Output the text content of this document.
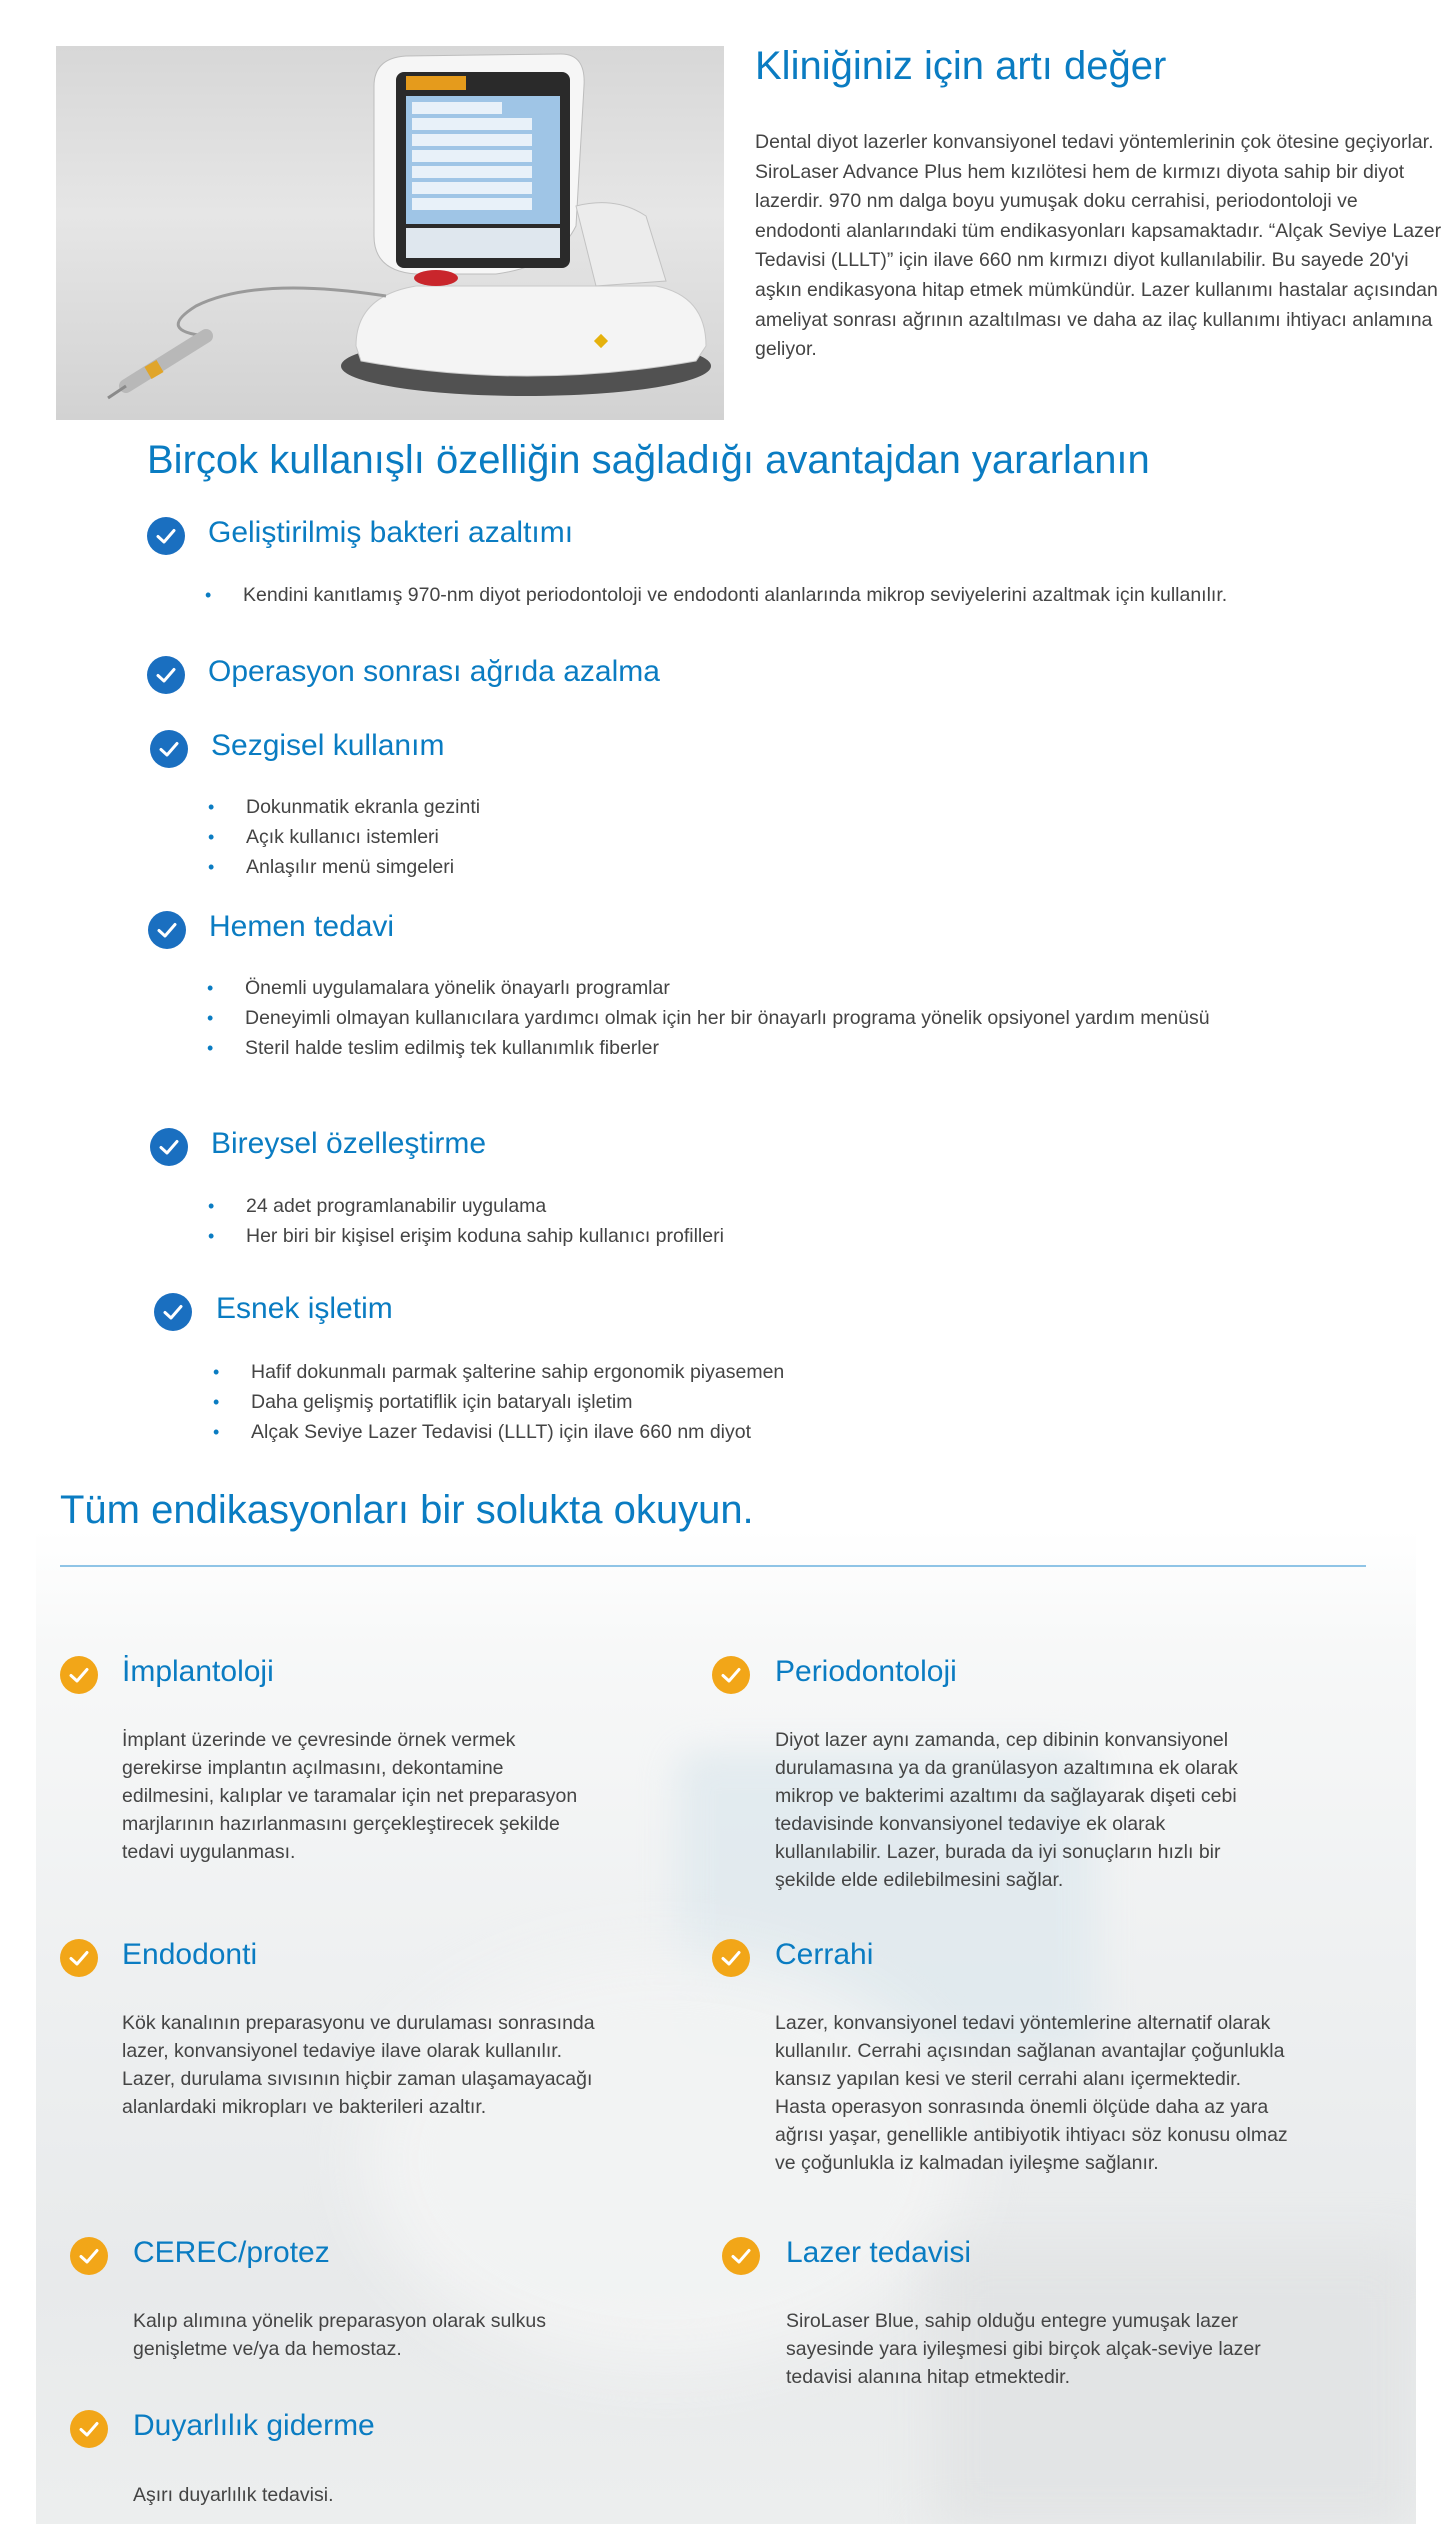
Kliniğiniz için artı değer

Dental diyot lazerler konvansiyonel tedavi yöntemlerinin çok ötesine geçiyorlar. SiroLaser Advance Plus hem kızılötesi hem de kırmızı diyota sahip bir diyot lazerdir. 970 nm dalga boyu yumuşak doku cerrahisi, periodontoloji ve endodonti alanlarındaki tüm endikasyonları kapsamaktadır. “Alçak Seviye Lazer Tedavisi (LLLT)” için ilave 660 nm kırmızı diyot kullanılabilir. Bu sayede 20'yi aşkın endikasyona hitap etmek mümkündür. Lazer kullanımı hastalar açısından ameliyat sonrası ağrının azaltılması ve daha az ilaç kullanımı ihtiyacı anlamına geliyor.

Birçok kullanışlı özelliğin sağladığı avantajdan yararlanın
Geliştirilmiş bakteri azaltımı
• Kendini kanıtlamış 970-nm diyot periodontoloji ve endodonti alanlarında mikrop seviyelerini azaltmak için kullanılır.
Operasyon sonrası ağrıda azalma
Sezgisel kullanım
• Dokunmatik ekranla gezinti
• Açık kullanıcı istemleri
• Anlaşılır menü simgeleri
Hemen tedavi
• Önemli uygulamalara yönelik önayarlı programlar
• Deneyimli olmayan kullanıcılara yardımcı olmak için her bir önayarlı programa yönelik opsiyonel yardım menüsü
• Steril halde teslim edilmiş tek kullanımlık fiberler
Bireysel özelleştirme
• 24 adet programlanabilir uygulama
• Her biri bir kişisel erişim koduna sahip kullanıcı profilleri
Esnek işletim
• Hafif dokunmalı parmak şalterine sahip ergonomik piyasemen
• Daha gelişmiş portatiflik için bataryalı işletim
• Alçak Seviye Lazer Tedavisi (LLLT) için ilave 660 nm diyot
Tüm endikasyonları bir solukta okuyun.
İmplantoloji

İmplant üzerinde ve çevresinde örnek vermek gerekirse implantın açılmasını, dekontamine edilmesini, kalıplar ve taramalar için net preparasyon marjlarının hazırlanmasını gerçekleştirecek şekilde tedavi uygulanması.

Periodontoloji

Diyot lazer aynı zamanda, cep dibinin konvansiyonel durulamasına ya da granülasyon azaltımına ek olarak mikrop ve bakterimi azaltımı da sağlayarak dişeti cebi tedavisinde konvansiyonel tedaviye ek olarak kullanılabilir. Lazer, burada da iyi sonuçların hızlı bir şekilde elde edilebilmesini sağlar.

Endodonti

Kök kanalının preparasyonu ve durulaması sonrasında lazer, konvansiyonel tedaviye ilave olarak kullanılır. Lazer, durulama sıvısının hiçbir zaman ulaşamayacağı alanlardaki mikropları ve bakterileri azaltır.

Cerrahi

Lazer, konvansiyonel tedavi yöntemlerine alternatif olarak kullanılır. Cerrahi açısından sağlanan avantajlar çoğunlukla kansız yapılan kesi ve steril cerrahi alanı içermektedir. Hasta operasyon sonrasında önemli ölçüde daha az yara ağrısı yaşar, genellikle antibiyotik ihtiyacı söz konusu olmaz ve çoğunlukla iz kalmadan iyileşme sağlanır.

CEREC/protez

Kalıp alımına yönelik preparasyon olarak sulkus genişletme ve/ya da hemostaz.

Lazer tedavisi

SiroLaser Blue, sahip olduğu entegre yumuşak lazer sayesinde yara iyileşmesi gibi birçok alçak-seviye lazer tedavisi alanına hitap etmektedir.

Duyarlılık giderme

Aşırı duyarlılık tedavisi.
